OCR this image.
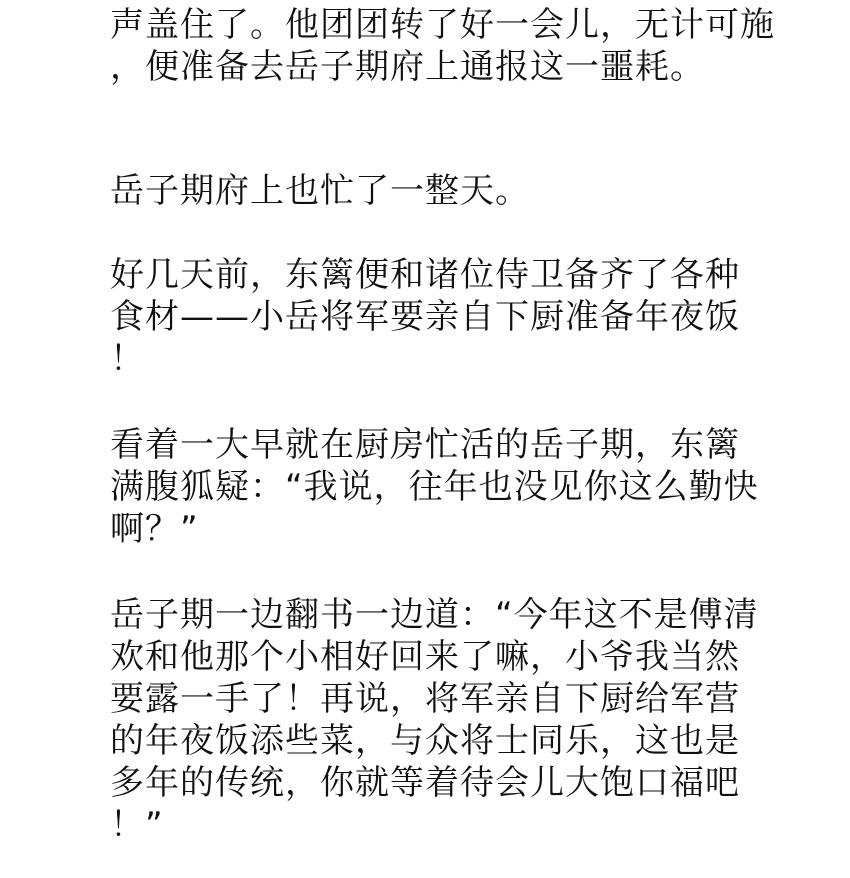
声盖住了。他团团转了好一会儿，无计可施

，便准备去岳子期府上通报这一噩耗。

岳子期府上也忙了一整天。

好几天前，东篱便和诸位侍卫备齐了各种

食材——小岳将军要亲自下厨准备年夜饭

！

看着一大早就在厨房忙活的岳子期，东篱

满腹狐疑：“我说，往年也没见你这么勤快

啊？”

岳子期一边翻书一边道：“今年这不是傅清

欢和他那个小相好回来了嘛，小爷我当然

要露一手了！再说，将军亲自下厨给军营

的年夜饭添些菜，与众将士同乐，这也是

多年的传统，你就等着待会儿大饱口福吧

！”
